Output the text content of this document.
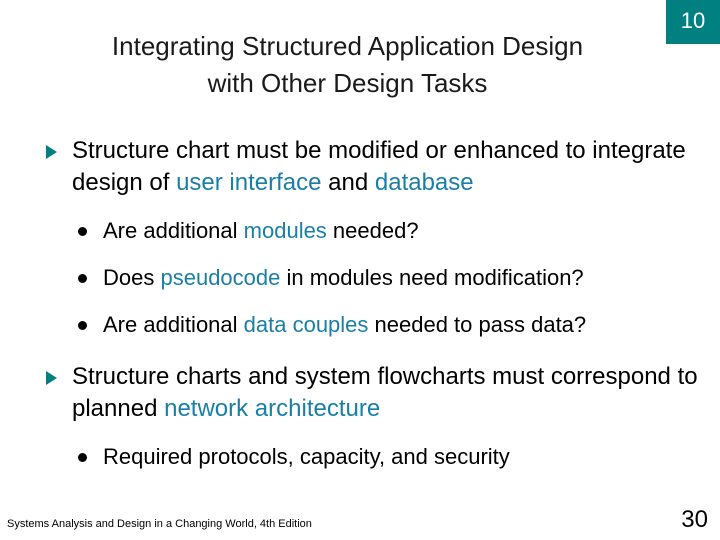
Integrating Structured Application Design
with Other Design Tasks
10
Structure chart must be modified or enhanced to integrate design of user interface and database
Are additional modules needed?
Does pseudocode in modules need modification?
Are additional data couples needed to pass data?
Structure charts and system flowcharts must correspond to planned network architecture
Required protocols, capacity, and security
Systems Analysis and Design in a Changing World, 4th Edition	30
